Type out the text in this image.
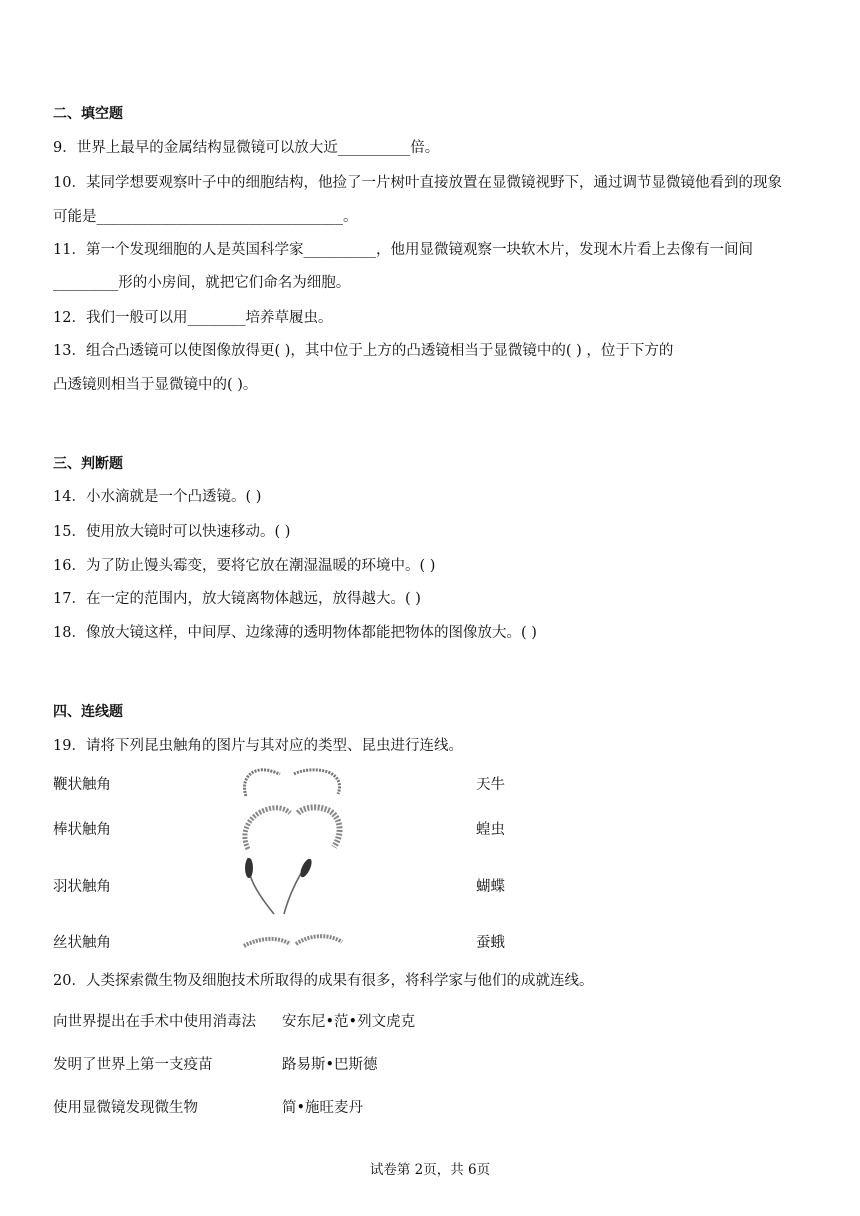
二、填空题
9．世界上最早的金属结构显微镜可以放大近__________倍。
10．某同学想要观察叶子中的细胞结构，他捡了一片树叶直接放置在显微镜视野下，通过调节显微镜他看到的现象
可能是__________________________________。
11．第一个发现细胞的人是英国科学家__________，他用显微镜观察一块软木片，发现木片看上去像有一间间
_________形的小房间，就把它们命名为细胞。
12．我们一般可以用________培养草履虫。
13．组合凸透镜可以使图像放得更( )，其中位于上方的凸透镜相当于显微镜中的( ) ，位于下方的
凸透镜则相当于显微镜中的( )。
三、判断题
14．小水滴就是一个凸透镜。( )
15．使用放大镜时可以快速移动。( )
16．为了防止馒头霉变，要将它放在潮湿温暖的环境中。( )
17．在一定的范围内，放大镜离物体越远，放得越大。( )
18．像放大镜这样，中间厚、边缘薄的透明物体都能把物体的图像放大。( )
四、连线题
19．请将下列昆虫触角的图片与其对应的类型、昆虫进行连线。
鞭状触角
棒状触角
羽状触角
丝状触角
天牛
蝗虫
蝴蝶
蚕蛾
20．人类探索微生物及细胞技术所取得的成果有很多，将科学家与他们的成就连线。
向世界提出在手术中使用消毒法
发明了世界上第一支疫苗
使用显微镜发现微生物
安东尼•范•列文虎克
路易斯•巴斯德
简•施旺麦丹
试卷第 2页，共 6页
